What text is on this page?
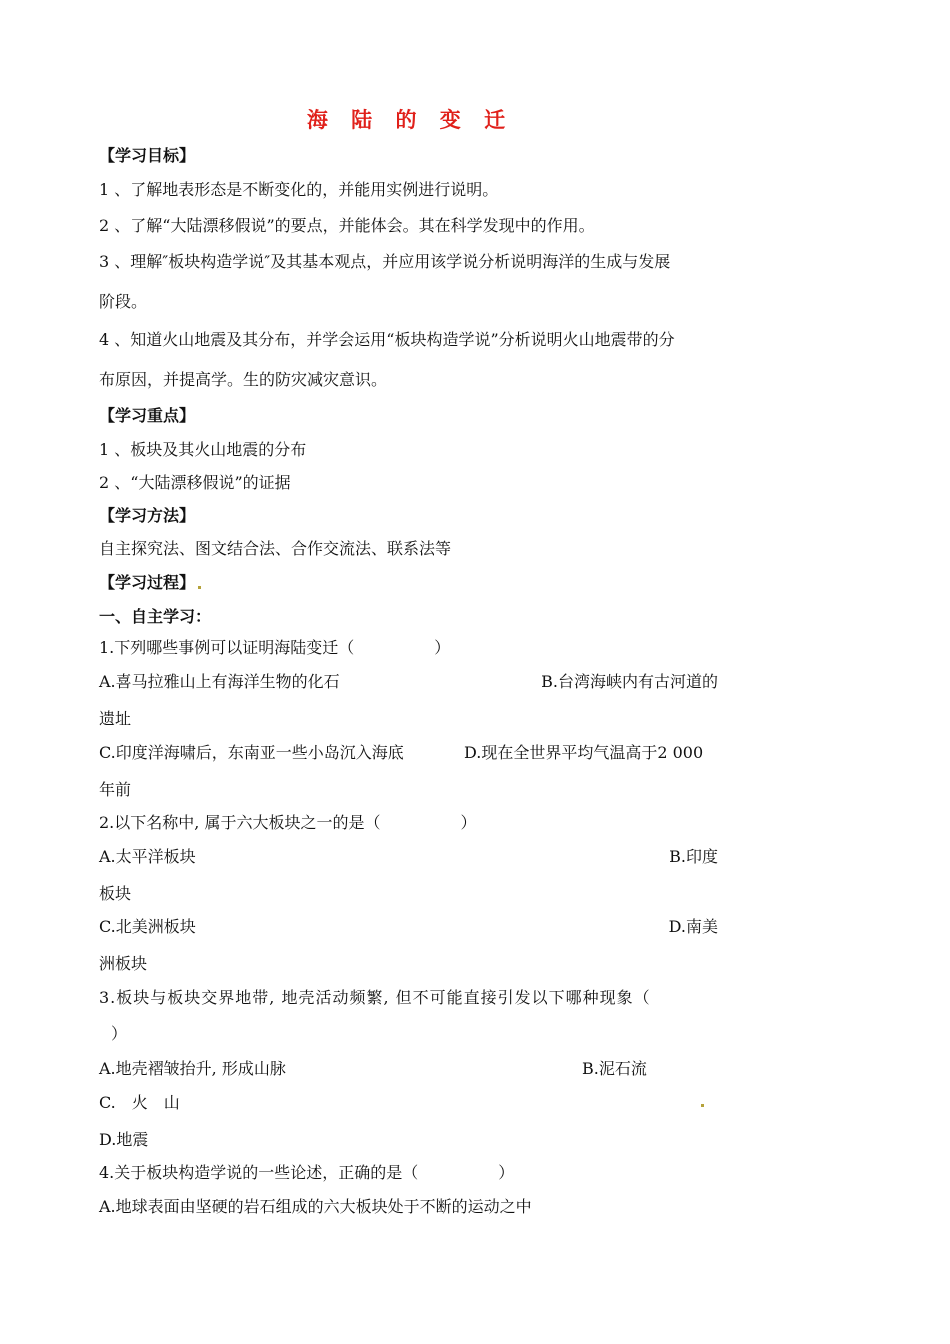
海 陆 的 变 迁
【学习目标】
1 、了解地表形态是不断变化的，并能用实例进行说明。
2 、了解“大陆漂移假说”的要点，并能体会。其在科学发现中的作用。
3 、理解″板块构造学说″及其基本观点，并应用该学说分析说明海洋的生成与发展
阶段。
4 、知道火山地震及其分布，并学会运用“板块构造学说”分析说明火山地震带的分
布原因，并提高学。生的防灾减灾意识。
【学习重点】
1 、板块及其火山地震的分布
2 、“大陆漂移假说”的证据
【学习方法】
自主探究法、图文结合法、合作交流法、联系法等
【学习过程】
一、自主学习：
1.下列哪些事例可以证明海陆变迁（　　　　　）
A.喜马拉雅山上有海洋生物的化石	B.台湾海峡内有古河道的
遗址
C.印度洋海啸后，东南亚一些小岛沉入海底	D.现在全世界平均气温高于2 000
年前
2.以下名称中, 属于六大板块之一的是（　　　　　）
A.太平洋板块	B.印度
板块
C.北美洲板块	D.南美
洲板块
3.板块与板块交界地带, 地壳活动频繁, 但不可能直接引发以下哪种现象（
）
A.地壳褶皱抬升, 形成山脉	B.泥石流
C.　火　山
D.地震
4.关于板块构造学说的一些论述，正确的是（　　　　　）
A.地球表面由坚硬的岩石组成的六大板块处于不断的运动之中
